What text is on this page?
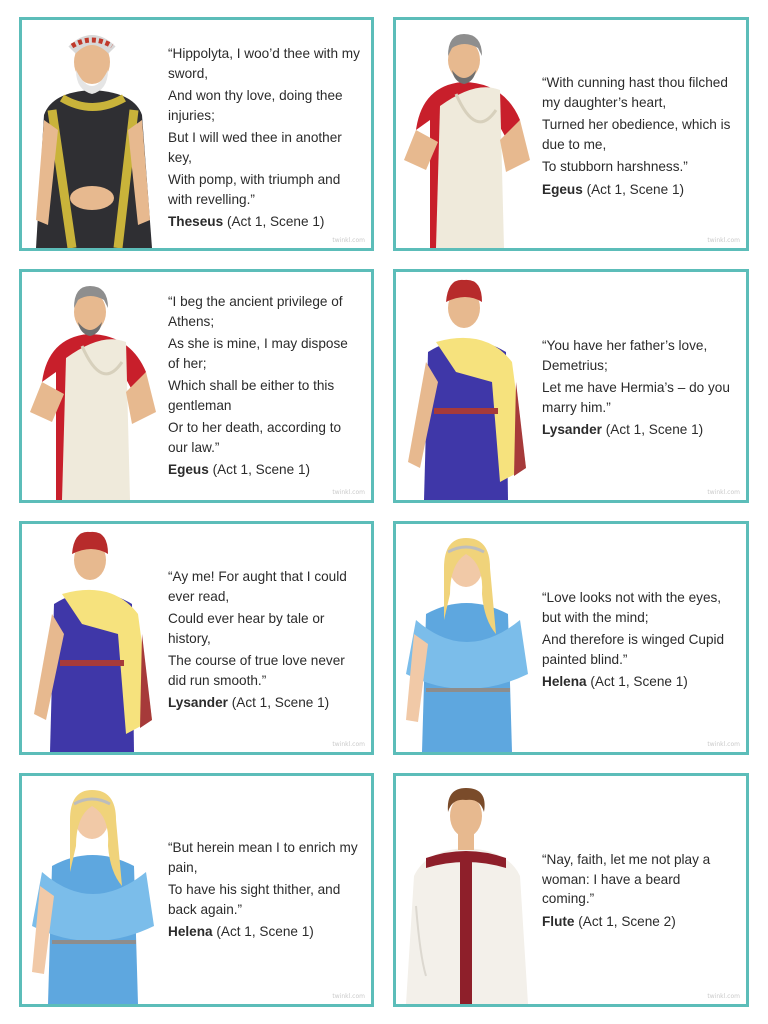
“Hippolyta, I woo’d thee with my sword,

And won thy love, doing thee injuries;

But I will wed thee in another key,

With pomp, with triumph and with revelling.”

Theseus (Act 1, Scene 1)
twinkl.com

“With cunning hast thou filched my daughter’s heart,

Turned her obedience, which is due to me,

To stubborn harshness.”

Egeus (Act 1, Scene 1)
twinkl.com

“I beg the ancient privilege of Athens;

As she is mine, I may dispose of her;

Which shall be either to this gentleman

Or to her death, according to our law.”

Egeus (Act 1, Scene 1)
twinkl.com

“You have her father’s love, Demetrius;

Let me have Hermia’s – do you marry him.”

Lysander (Act 1, Scene 1)
twinkl.com

“Ay me! For aught that I could ever read,

Could ever hear by tale or history,

The course of true love never did run smooth.”

Lysander (Act 1, Scene 1)
twinkl.com

“Love looks not with the eyes, but with the mind;

And therefore is winged Cupid painted blind.”

Helena (Act 1, Scene 1)
twinkl.com

“But herein mean I to enrich my pain,

To have his sight thither, and back again.”

Helena (Act 1, Scene 1)
twinkl.com

“Nay, faith, let me not play a woman: I have a beard coming.”

Flute (Act 1, Scene 2)
twinkl.com
